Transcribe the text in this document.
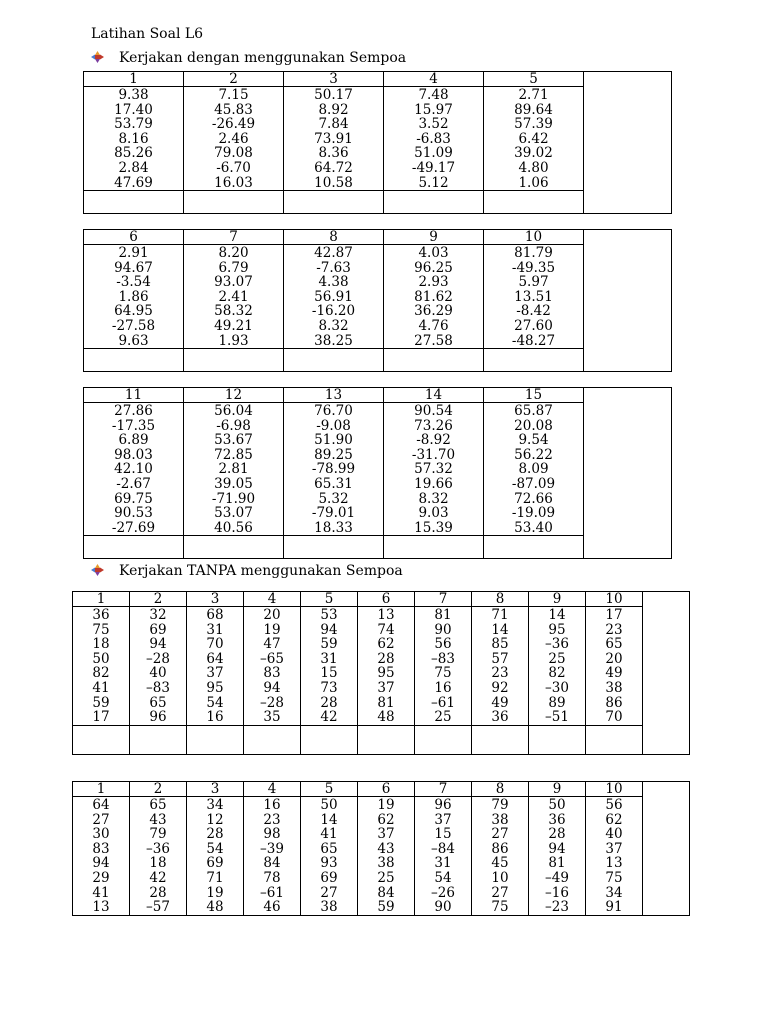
Latihan Soal L6
Kerjakan dengan menggunakan Sempoa
1	2	3	4	5	
9.38	7.15	50.17	7.48	2.71	
17.40	45.83	8.92	15.97	89.64	
53.79	-26.49	7.84	3.52	57.39	
8.16	2.46	73.91	-6.83	6.42	
85.26	79.08	8.36	51.09	39.02	
2.84	-6.70	64.72	-49.17	4.80	
47.69	16.03	10.58	5.12	1.06	

6	7	8	9	10	
2.91	8.20	42.87	4.03	81.79	
94.67	6.79	-7.63	96.25	-49.35	
-3.54	93.07	4.38	2.93	5.97	
1.86	2.41	56.91	81.62	13.51	
64.95	58.32	-16.20	36.29	-8.42	
-27.58	49.21	8.32	4.76	27.60	
9.63	1.93	38.25	27.58	-48.27	

11	12	13	14	15	
27.86	56.04	76.70	90.54	65.87	
-17.35	-6.98	-9.08	73.26	20.08	
6.89	53.67	51.90	-8.92	9.54	
98.03	72.85	89.25	-31.70	56.22	
42.10	2.81	-78.99	57.32	8.09	
-2.67	39.05	65.31	19.66	-87.09	
69.75	-71.90	5.32	8.32	72.66	
90.53	53.07	-79.01	9.03	-19.09	
-27.69	40.56	18.33	15.39	53.40	

Kerjakan TANPA menggunakan Sempoa
1	2	3	4	5	6	7	8	9	10	
36	32	68	20	53	13	81	71	14	17	
75	69	31	19	94	74	90	14	95	23	
18	94	70	47	59	62	56	85	–36	65	
50	–28	64	–65	31	28	–83	57	25	20	
82	40	37	83	15	95	75	23	82	49	
41	–83	95	94	73	37	16	92	–30	38	
59	65	54	–28	28	81	–61	49	89	86	
17	96	16	35	42	48	25	36	–51	70	

1	2	3	4	5	6	7	8	9	10	
64	65	34	16	50	19	96	79	50	56	
27	43	12	23	14	62	37	38	36	62	
30	79	28	98	41	37	15	27	28	40	
83	–36	54	–39	65	43	–84	86	94	37	
94	18	69	84	93	38	31	45	81	13	
29	42	71	78	69	25	54	10	–49	75	
41	28	19	–61	27	84	–26	27	–16	34	
13	–57	48	46	38	59	90	75	–23	91	
